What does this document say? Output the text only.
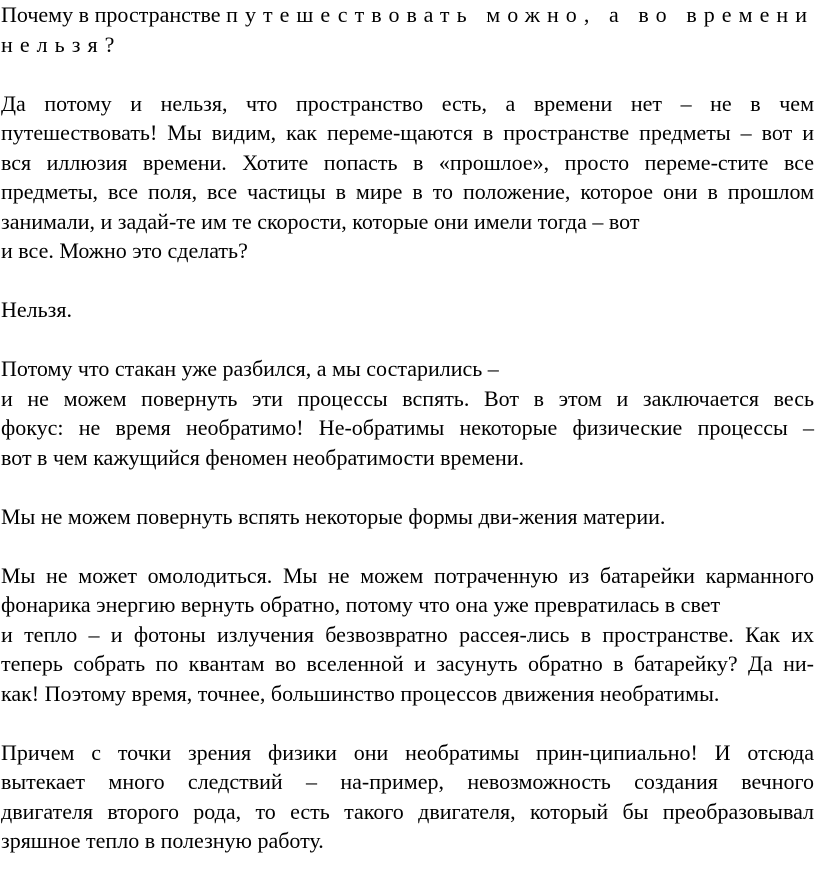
Почему в пространстве путешествовать можно, а во времени
нельзя?
Да потому и нельзя, что пространство есть, а времени нет – не в чем
путешествовать! Мы видим, как переме-щаются в пространстве предметы – вот и
вся иллюзия времени. Хотите попасть в «прошлое», просто переме-стите все
предметы, все поля, все частицы в мире в то положение, которое они в прошлом
занимали, и задай-те им те скорости, которые они имели тогда – вот
и все. Можно это сделать?
Нельзя.
Потому что стакан уже разбился, а мы состарились –
и не можем повернуть эти процессы вспять. Вот в этом и заключается весь
фокус: не время необратимо! Не-обратимы некоторые физические процессы –
вот в чем кажущийся феномен необратимости времени.
Мы не можем повернуть вспять некоторые формы дви-жения материи.
Мы не может омолодиться. Мы не можем потраченную из батарейки карманного
фонарика энергию вернуть обратно, потому что она уже превратилась в свет
и тепло – и фотоны излучения безвозвратно рассея-лись в пространстве. Как их
теперь собрать по квантам во вселенной и засунуть обратно в батарейку? Да ни-
как! Поэтому время, точнее, большинство процессов движения необратимы.
Причем с точки зрения физики они необратимы прин-ципиально! И отсюда
вытекает много следствий – на-пример, невозможность создания вечного
двигателя второго рода, то есть такого двигателя, который бы преобразовывал
зряшное тепло в полезную работу.
